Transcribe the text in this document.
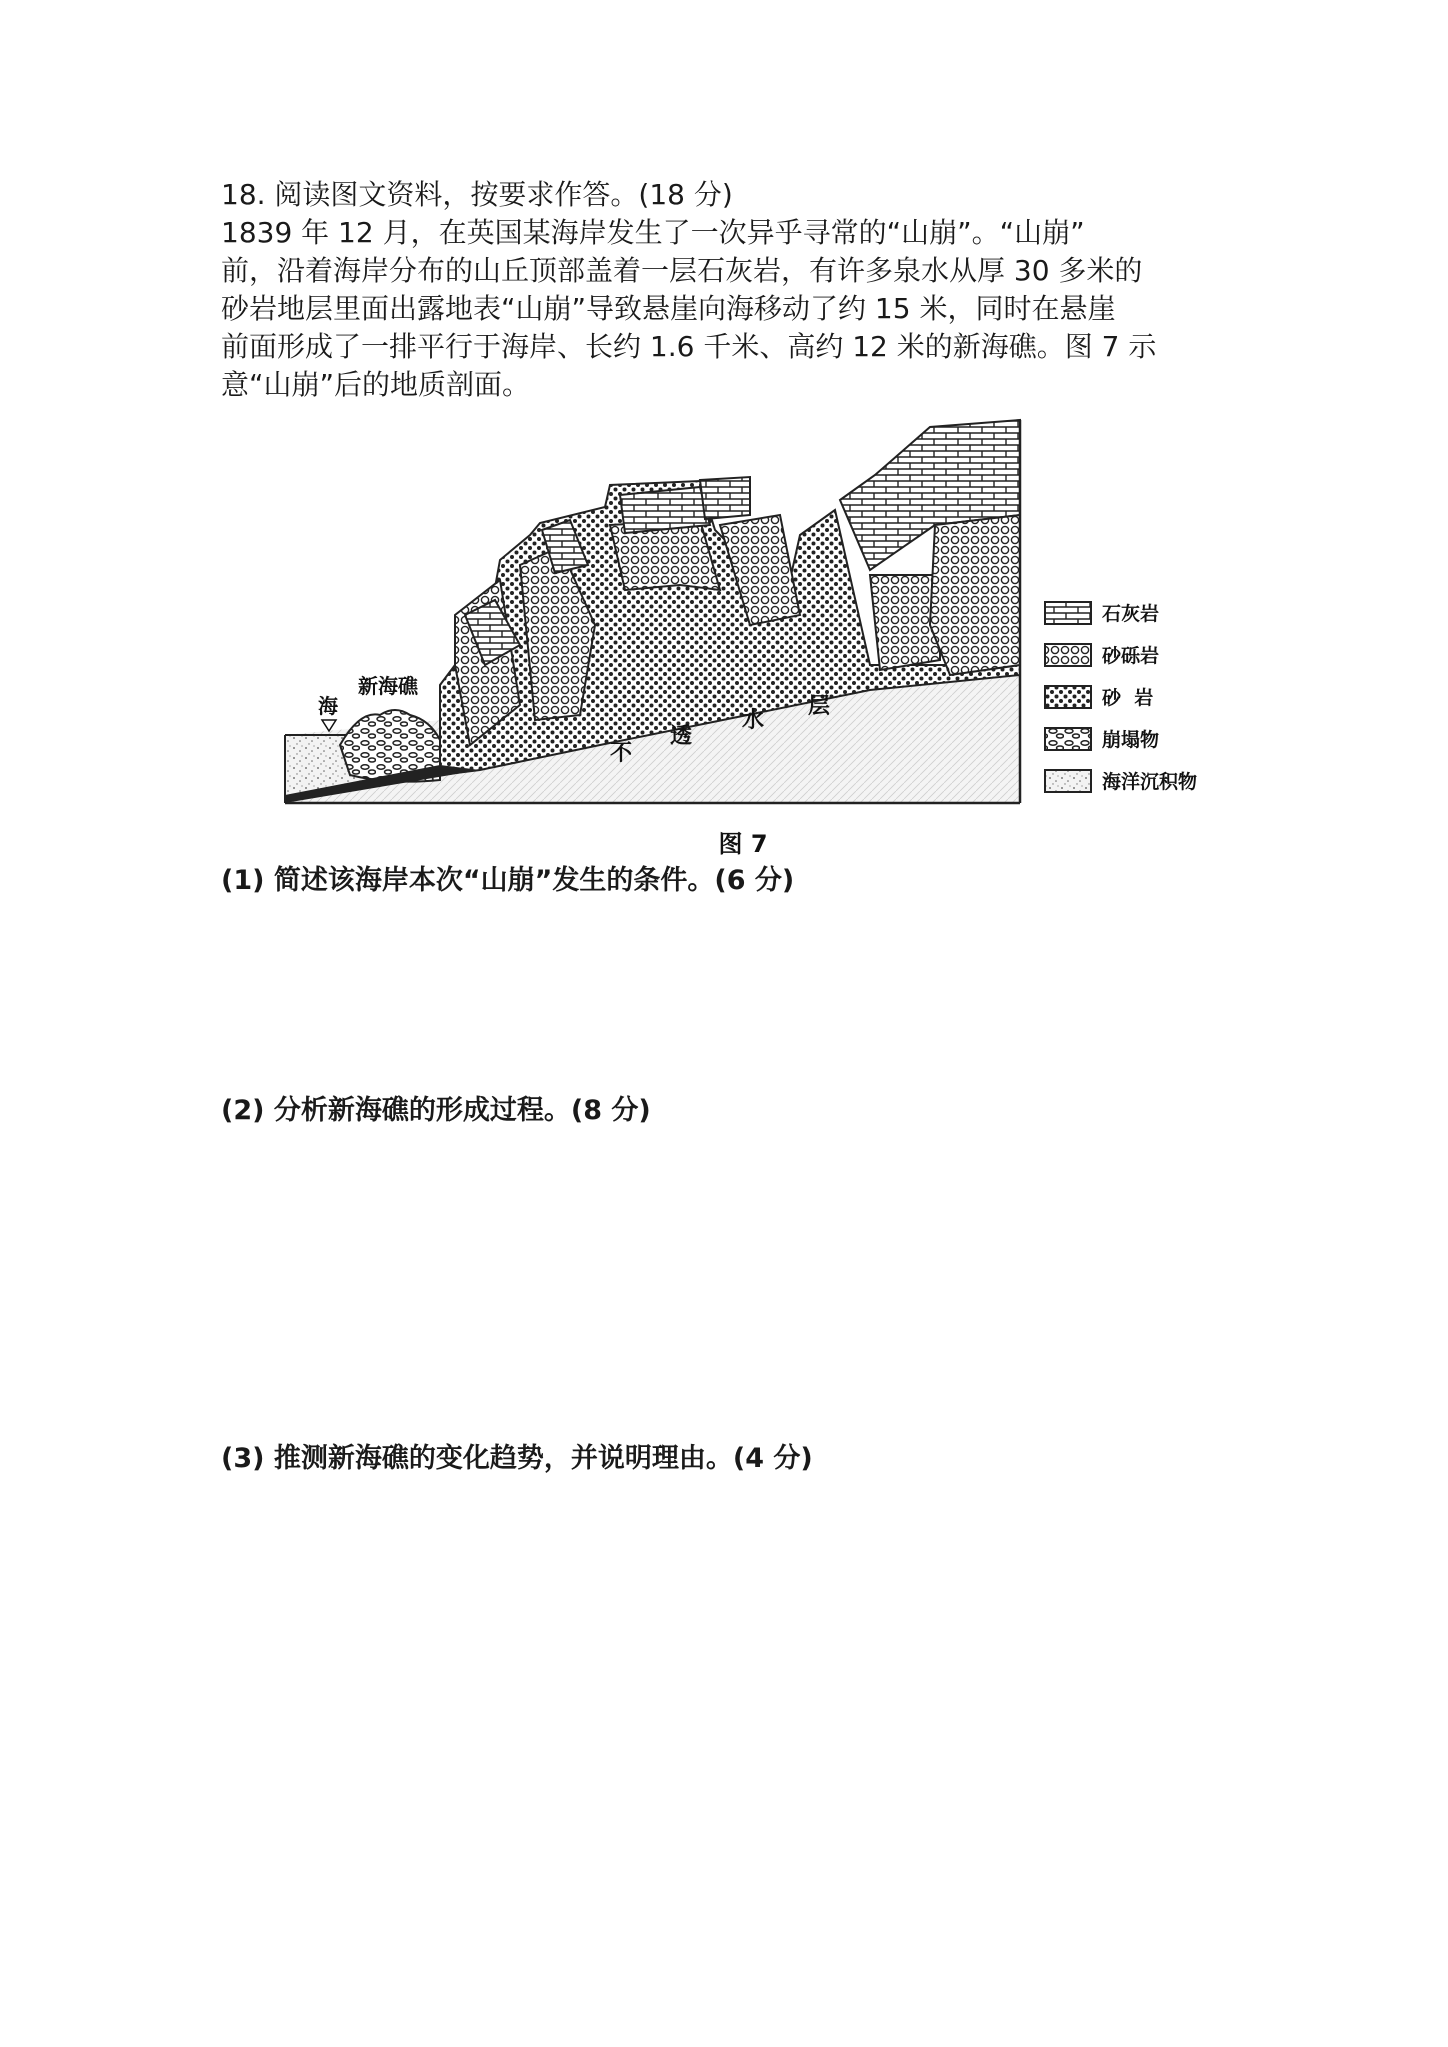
18. 阅读图文资料，按要求作答。(18 分)

1839 年 12 月，在英国某海岸发生了一次异乎寻常的“山崩”。“山崩”

前，沿着海岸分布的山丘顶部盖着一层石灰岩，有许多泉水从厚 30 多米的

砂岩地层里面出露地表“山崩”导致悬崖向海移动了约 15 米，同时在悬崖

前面形成了一排平行于海岸、长约 1.6 千米、高约 12 米的新海礁。图 7 示

意“山崩”后的地质剖面。

海
新海礁
不
透
水
层
石灰岩
砂砾岩
砂  岩
崩塌物
海洋沉积物
图 7
(1) 简述该海岸本次“山崩”发生的条件。(6 分)
(2) 分析新海礁的形成过程。(8 分)
(3) 推测新海礁的变化趋势，并说明理由。(4 分)
